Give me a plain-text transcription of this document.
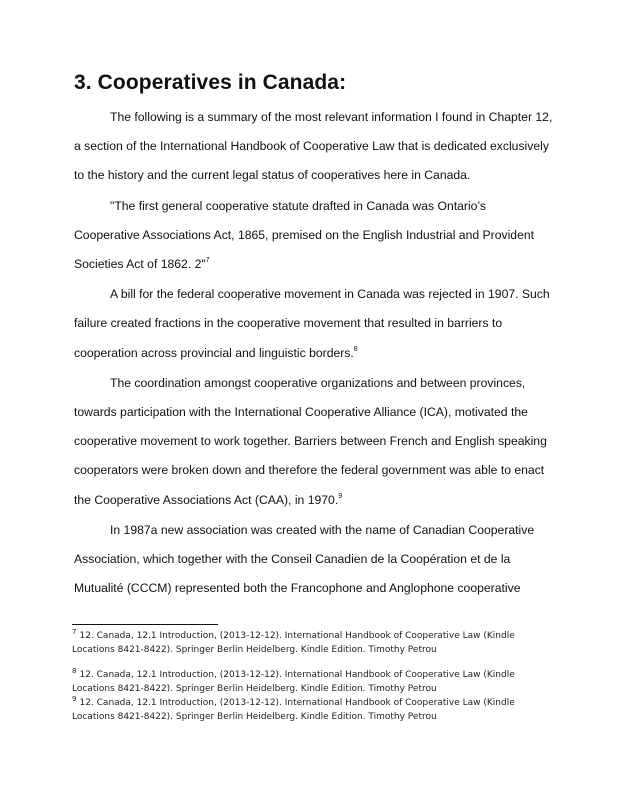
3. Cooperatives in Canada:

The following is a summary of the most relevant information I found in Chapter 12, a section of the International Handbook of Cooperative Law that is dedicated exclusively to the history and the current legal status of cooperatives here in Canada.

"The first general cooperative statute drafted in Canada was Ontario’s Cooperative Associations Act, 1865, premised on the English Industrial and Provident Societies Act of 1862. 2"$^7$

A bill for the federal cooperative movement in Canada was rejected in 1907. Such failure created fractions in the cooperative movement that resulted in barriers to cooperation across provincial and linguistic borders.$^8$

The coordination amongst cooperative organizations and between provinces, towards participation with the International Cooperative Alliance (ICA), motivated the cooperative movement to work together. Barriers between French and English speaking cooperators were broken down and therefore the federal government was able to enact the Cooperative Associations Act (CAA), in 1970.$^9$

In 1987a new association was created with the name of Canadian Cooperative Association, which together with the Conseil Canadien de la Coopération et de la Mutualité (CCCM) represented both the Francophone and Anglophone cooperative

$^7$ 12. Canada, 12.1 Introduction, (2013-12-12). International Handbook of Cooperative Law (Kindle Locations 8421-8422). Springer Berlin Heidelberg. Kindle Edition. Timothy Petrou

$^8$ 12. Canada, 12.1 Introduction, (2013-12-12). International Handbook of Cooperative Law (Kindle Locations 8421-8422). Springer Berlin Heidelberg. Kindle Edition. Timothy Petrou

$^9$ 12. Canada, 12.1 Introduction, (2013-12-12). International Handbook of Cooperative Law (Kindle Locations 8421-8422). Springer Berlin Heidelberg. Kindle Edition. Timothy Petrou
